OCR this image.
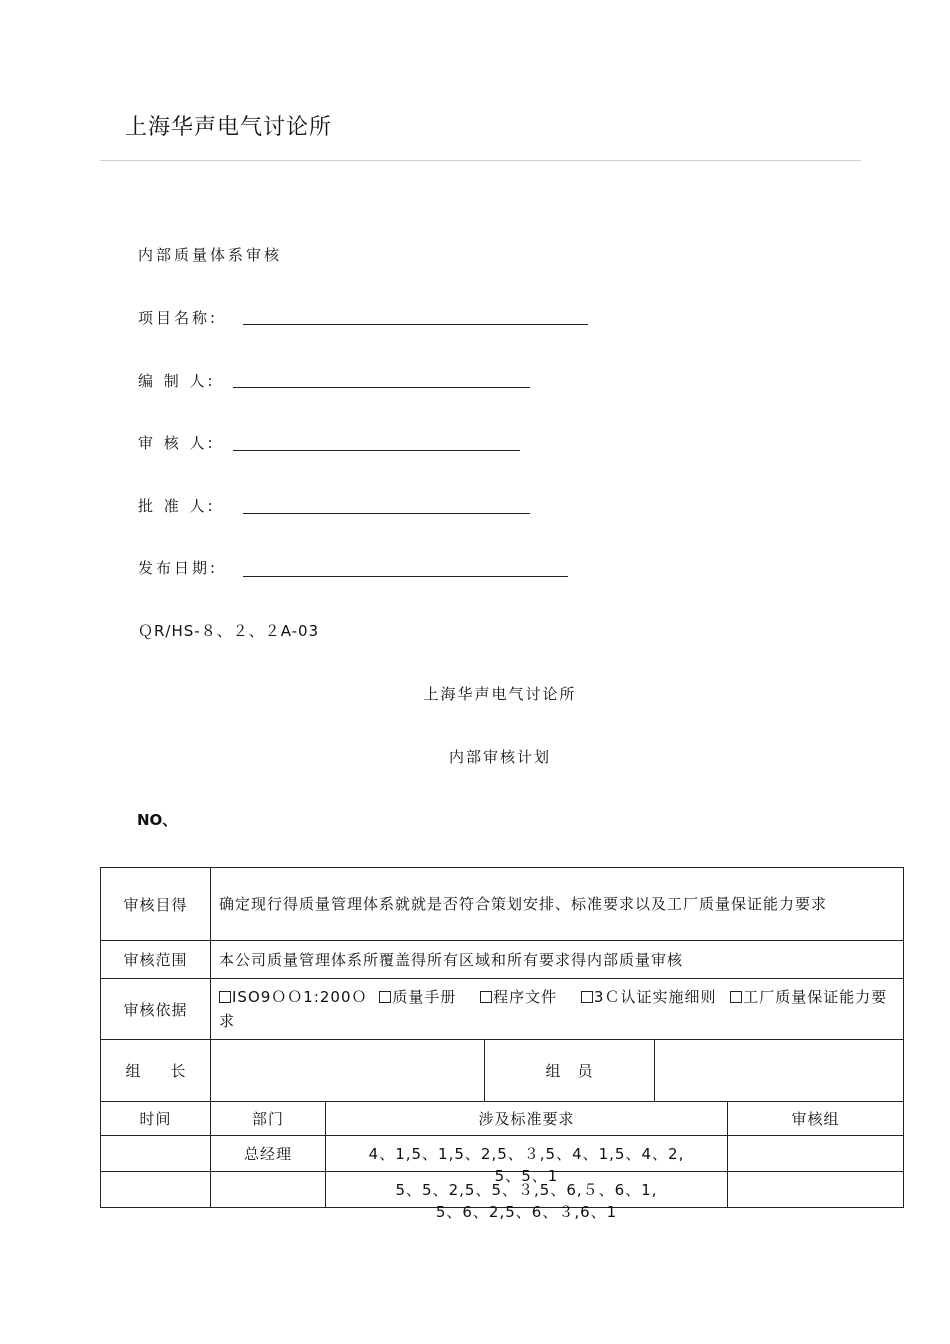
上海华声电气讨论所
内部质量体系审核
项目名称:
编 制 人:
审 核 人:
批 准 人:
发布日期:
ＱR/HS-８、２、２A-03
上海华声电气讨论所
内部审核计划
NO、
审核目得	确定现行得质量管理体系就就是否符合策划安排、标准要求以及工厂质量保证能力要求				
审核范围	本公司质量管理体系所覆盖得所有区域和所有要求得内部质量审核				
审核依据	ISO9ＯＯ1:200Ｏ 质量手册 程序文件 3Ｃ认证实施细则 工厂质量保证能力要求				
组　　长			组　员		
时间	部门	涉及标准要求			审核组
	总经理	4、1,5、1,5、2,5、３,5、4、1,5、4、2,
5、5、1			

		5、5、2,5、5、３,5、6,５、6、1,
5、6、2,5、6、３,6、1			
